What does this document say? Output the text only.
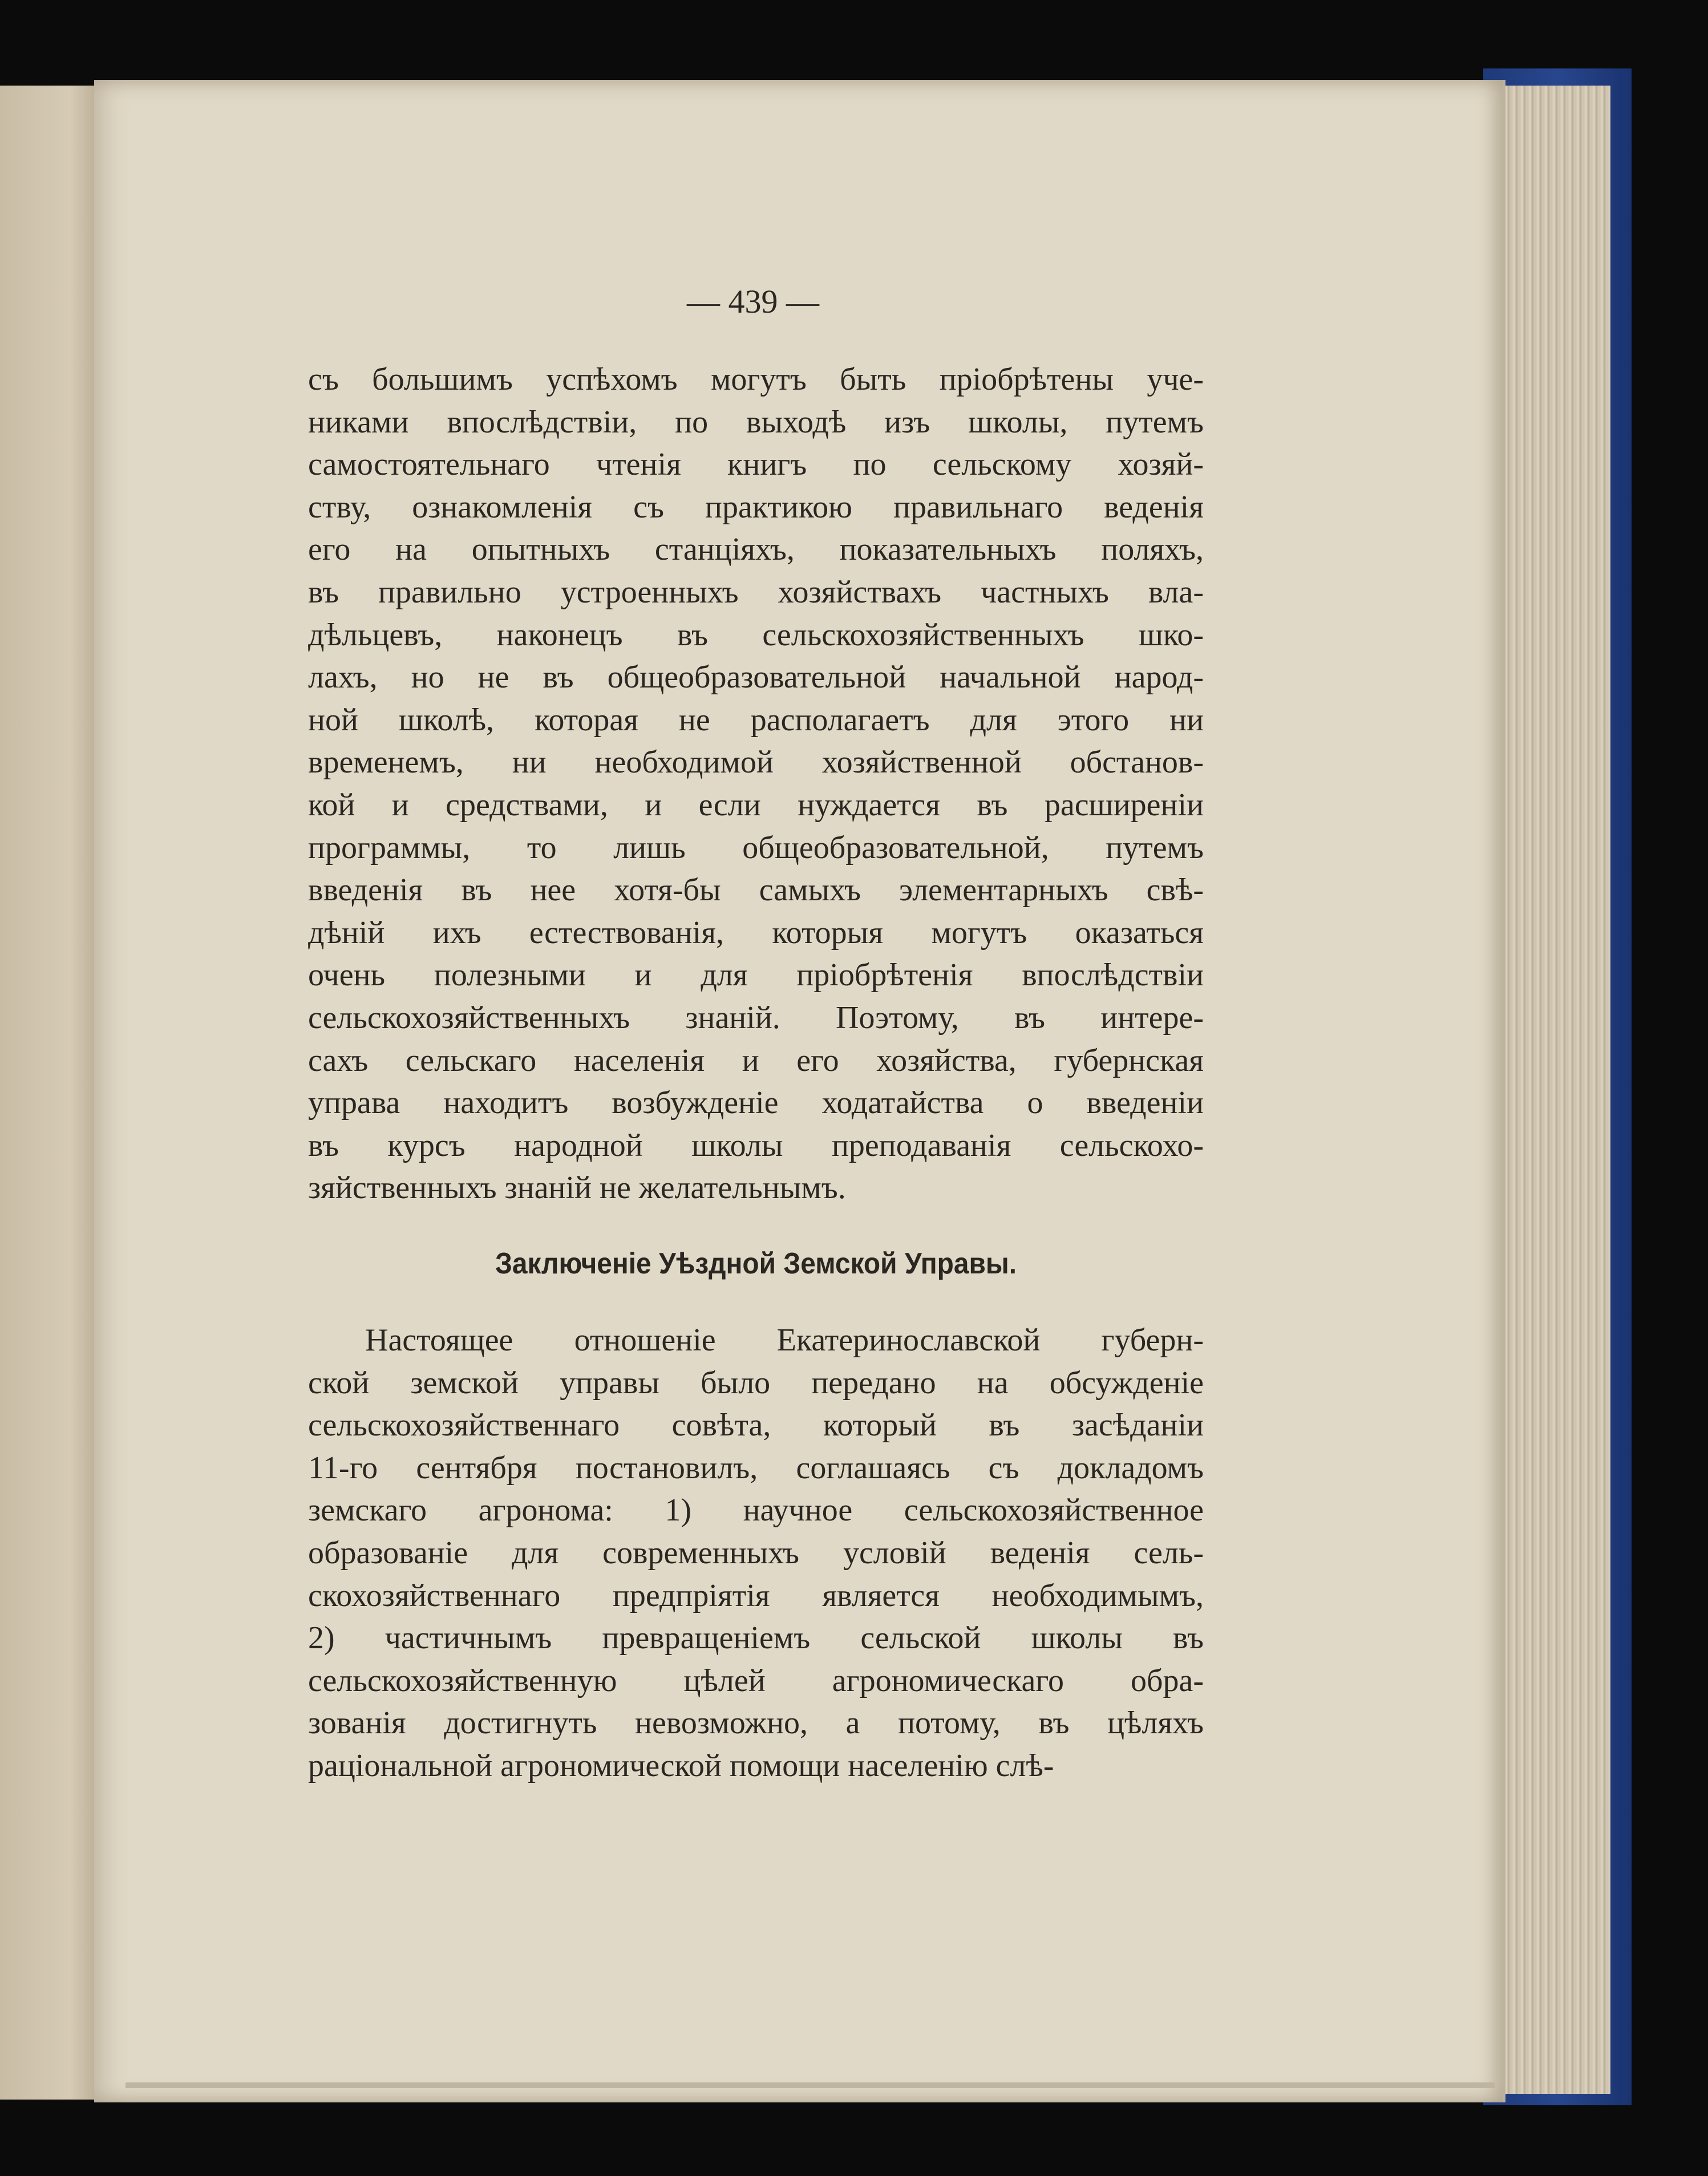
— 439 —
съ большимъ успѣхомъ могутъ быть пріобрѣтены уче-
никами впослѣдствіи, по выходѣ изъ школы, путемъ
самостоятельнаго чтенія книгъ по сельскому хозяй-
ству, ознакомленія съ практикою правильнаго веденія
его на опытныхъ станціяхъ, показательныхъ поляхъ,
въ правильно устроенныхъ хозяйствахъ частныхъ вла-
дѣльцевъ, наконецъ въ сельскохозяйственныхъ шко-
лахъ, но не въ общеобразовательной начальной народ-
ной школѣ, которая не располагаетъ для этого ни
временемъ, ни необходимой хозяйственной обстанов-
кой и средствами, и если нуждается въ расширеніи
программы, то лишь общеобразовательной, путемъ
введенія въ нее хотя-бы самыхъ элементарныхъ свѣ-
дѣній ихъ естествованія, которыя могутъ оказаться
очень полезными и для пріобрѣтенія впослѣдствіи
сельскохозяйственныхъ знаній. Поэтому, въ интере-
сахъ сельскаго населенія и его хозяйства, губернская
управа находитъ возбужденіе ходатайства о введеніи
въ курсъ народной школы преподаванія сельскохо-
зяйственныхъ знаній не желательнымъ.
Заключеніе Уѣздной Земской Управы.
Настоящее отношеніе Екатеринославской губерн-
ской земской управы было передано на обсужденіе
сельскохозяйственнаго совѣта, который въ засѣданіи
11-го сентября постановилъ, соглашаясь съ докладомъ
земскаго агронома: 1) научное сельскохозяйственное
образованіе для современныхъ условій веденія сель-
скохозяйственнаго предпріятія является необходимымъ,
2) частичнымъ превращеніемъ сельской школы въ
сельскохозяйственную цѣлей агрономическаго обра-
зованія достигнуть невозможно, а потому, въ цѣляхъ
раціональной агрономической помощи населенію слѣ-
